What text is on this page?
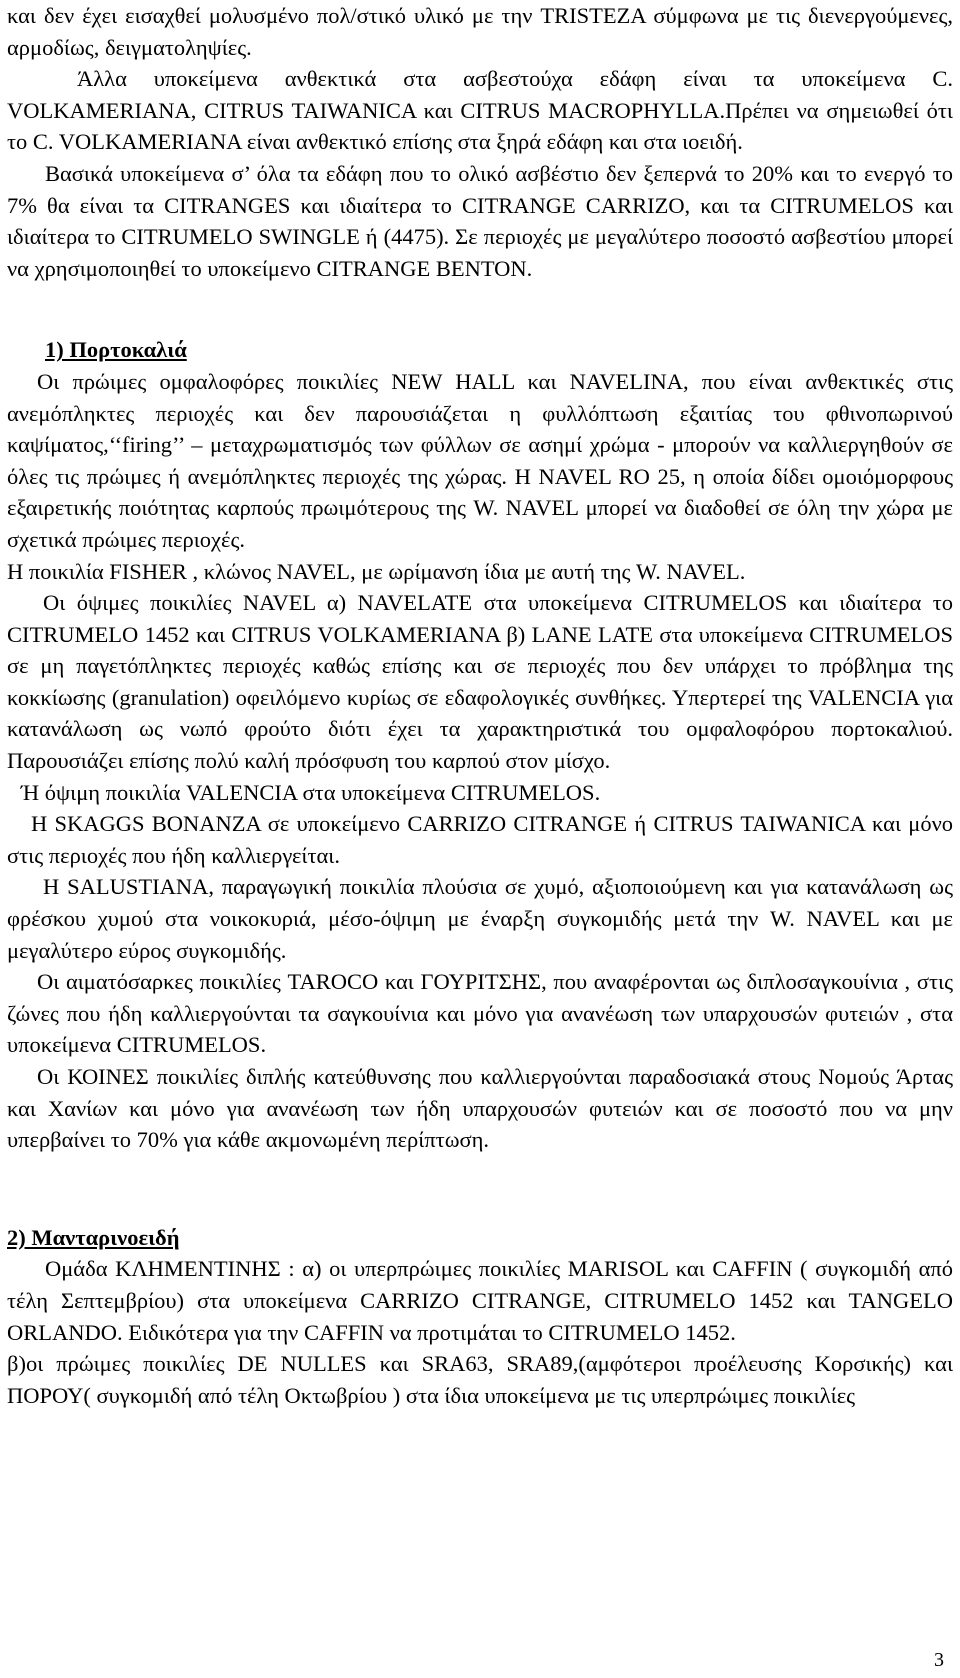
και δεν έχει εισαχθεί μολυσμένο πολ/στικό υλικό με την TRISTEZA σύμφωνα με τις διενεργούμενες, αρμοδίως, δειγματοληψίες.

Άλλα υποκείμενα ανθεκτικά στα ασβεστούχα εδάφη είναι τα υποκείμενα C. VOLKAMERIANA, CITRUS TAIWANICA και CITRUS MACROPHYLLA.Πρέπει να σημειωθεί ότι το C. VOLKAMERIANA είναι ανθεκτικό επίσης στα ξηρά εδάφη και στα ιοειδή.

Βασικά υποκείμενα σ’ όλα τα εδάφη που το ολικό ασβέστιο δεν ξεπερνά το 20% και το ενεργό το 7% θα είναι τα CITRANGES και ιδιαίτερα το CITRANGE CARRIZO, και τα CITRUMELOS και ιδιαίτερα το CITRUMELO SWINGLE ή (4475). Σε περιοχές με μεγαλύτερο ποσοστό ασβεστίου μπορεί να χρησιμοποιηθεί το υποκείμενο CITRANGE BENTON.

1) Πορτοκαλιά

Οι πρώιμες ομφαλοφόρες ποικιλίες NEW HALL και NAVELINA, που είναι ανθεκτικές στις ανεμόπληκτες περιοχές και δεν παρουσιάζεται η φυλλόπτωση εξαιτίας του φθινοπωρινού καψίματος,‘‘firing’’ – μεταχρωματισμός των φύλλων σε ασημί χρώμα - μπορούν να καλλιεργηθούν σε όλες τις πρώιμες ή ανεμόπληκτες περιοχές της χώρας. Η NAVEL RO 25, η οποία δίδει ομοιόμορφους εξαιρετικής ποιότητας καρπούς πρωιμότερους της W. NAVEL μπορεί να διαδοθεί σε όλη την χώρα με σχετικά πρώιμες περιοχές.

Η ποικιλία FISHER , κλώνος NAVEL, με ωρίμανση ίδια με αυτή της W. NAVEL.

Οι όψιμες ποικιλίες NAVEL α) NAVELATE στα υποκείμενα CITRUMELOS και ιδιαίτερα το CITRUMELO 1452 και CITRUS VOLKAMERIANA β) LANE LATE στα υποκείμενα CITRUMELOS σε μη παγετόπληκτες περιοχές καθώς επίσης και σε περιοχές που δεν υπάρχει το πρόβλημα της κοκκίωσης (granulation) οφειλόμενο κυρίως σε εδαφολογικές συνθήκες. Υπερτερεί της VALENCIA για κατανάλωση ως νωπό φρούτο διότι έχει τα χαρακτηριστικά του ομφαλοφόρου πορτοκαλιού. Παρουσιάζει επίσης πολύ καλή πρόσφυση του καρπού στον μίσχο.

Ή όψιμη ποικιλία VALENCIA στα υποκείμενα CITRUMELOS.

Η SKAGGS BONANZA σε υποκείμενο CARRIZO CITRANGE ή CITRUS TAIWANICA και μόνο στις περιοχές που ήδη καλλιεργείται.

Η SALUSTIANA, παραγωγική ποικιλία πλούσια σε χυμό, αξιοποιούμενη και για κατανάλωση ως φρέσκου χυμού στα νοικοκυριά, μέσο-όψιμη με έναρξη συγκομιδής μετά την W. NAVEL και με μεγαλύτερο εύρος συγκομιδής.

Οι αιματόσαρκες ποικιλίες TAROCO και ΓΟΥΡΙΤΣΗΣ, που αναφέρονται ως διπλοσαγκουίνια , στις ζώνες που ήδη καλλιεργούνται τα σαγκουίνια και μόνο για ανανέωση των υπαρχουσών φυτειών , στα υποκείμενα CITRUMELOS.

Οι ΚΟΙΝΕΣ ποικιλίες διπλής κατεύθυνσης που καλλιεργούνται παραδοσιακά στους Νομούς Άρτας και Χανίων και μόνο για ανανέωση των ήδη υπαρχουσών φυτειών και σε ποσοστό που να μην υπερβαίνει το 70% για κάθε ακμονωμένη περίπτωση.

2) Μανταρινοειδή

Ομάδα ΚΛΗΜΕΝΤΙΝΗΣ : α) οι υπερπρώιμες ποικιλίες MARISOL και CAFFIN ( συγκομιδή από τέλη Σεπτεμβρίου) στα υποκείμενα CARRIZO CITRANGE, CITRUMELO 1452 και TANGELO ORLANDO. Ειδικότερα για την CAFFIN να προτιμάται το CITRUMELO 1452.

β)οι πρώιμες ποικιλίες DE NULLES και SRA63, SRA89,(αμφότεροι προέλευσης Κορσικής) και ΠΟΡΟΥ( συγκομιδή από τέλη Οκτωβρίου ) στα ίδια υποκείμενα με τις υπερπρώιμες ποικιλίες

3
